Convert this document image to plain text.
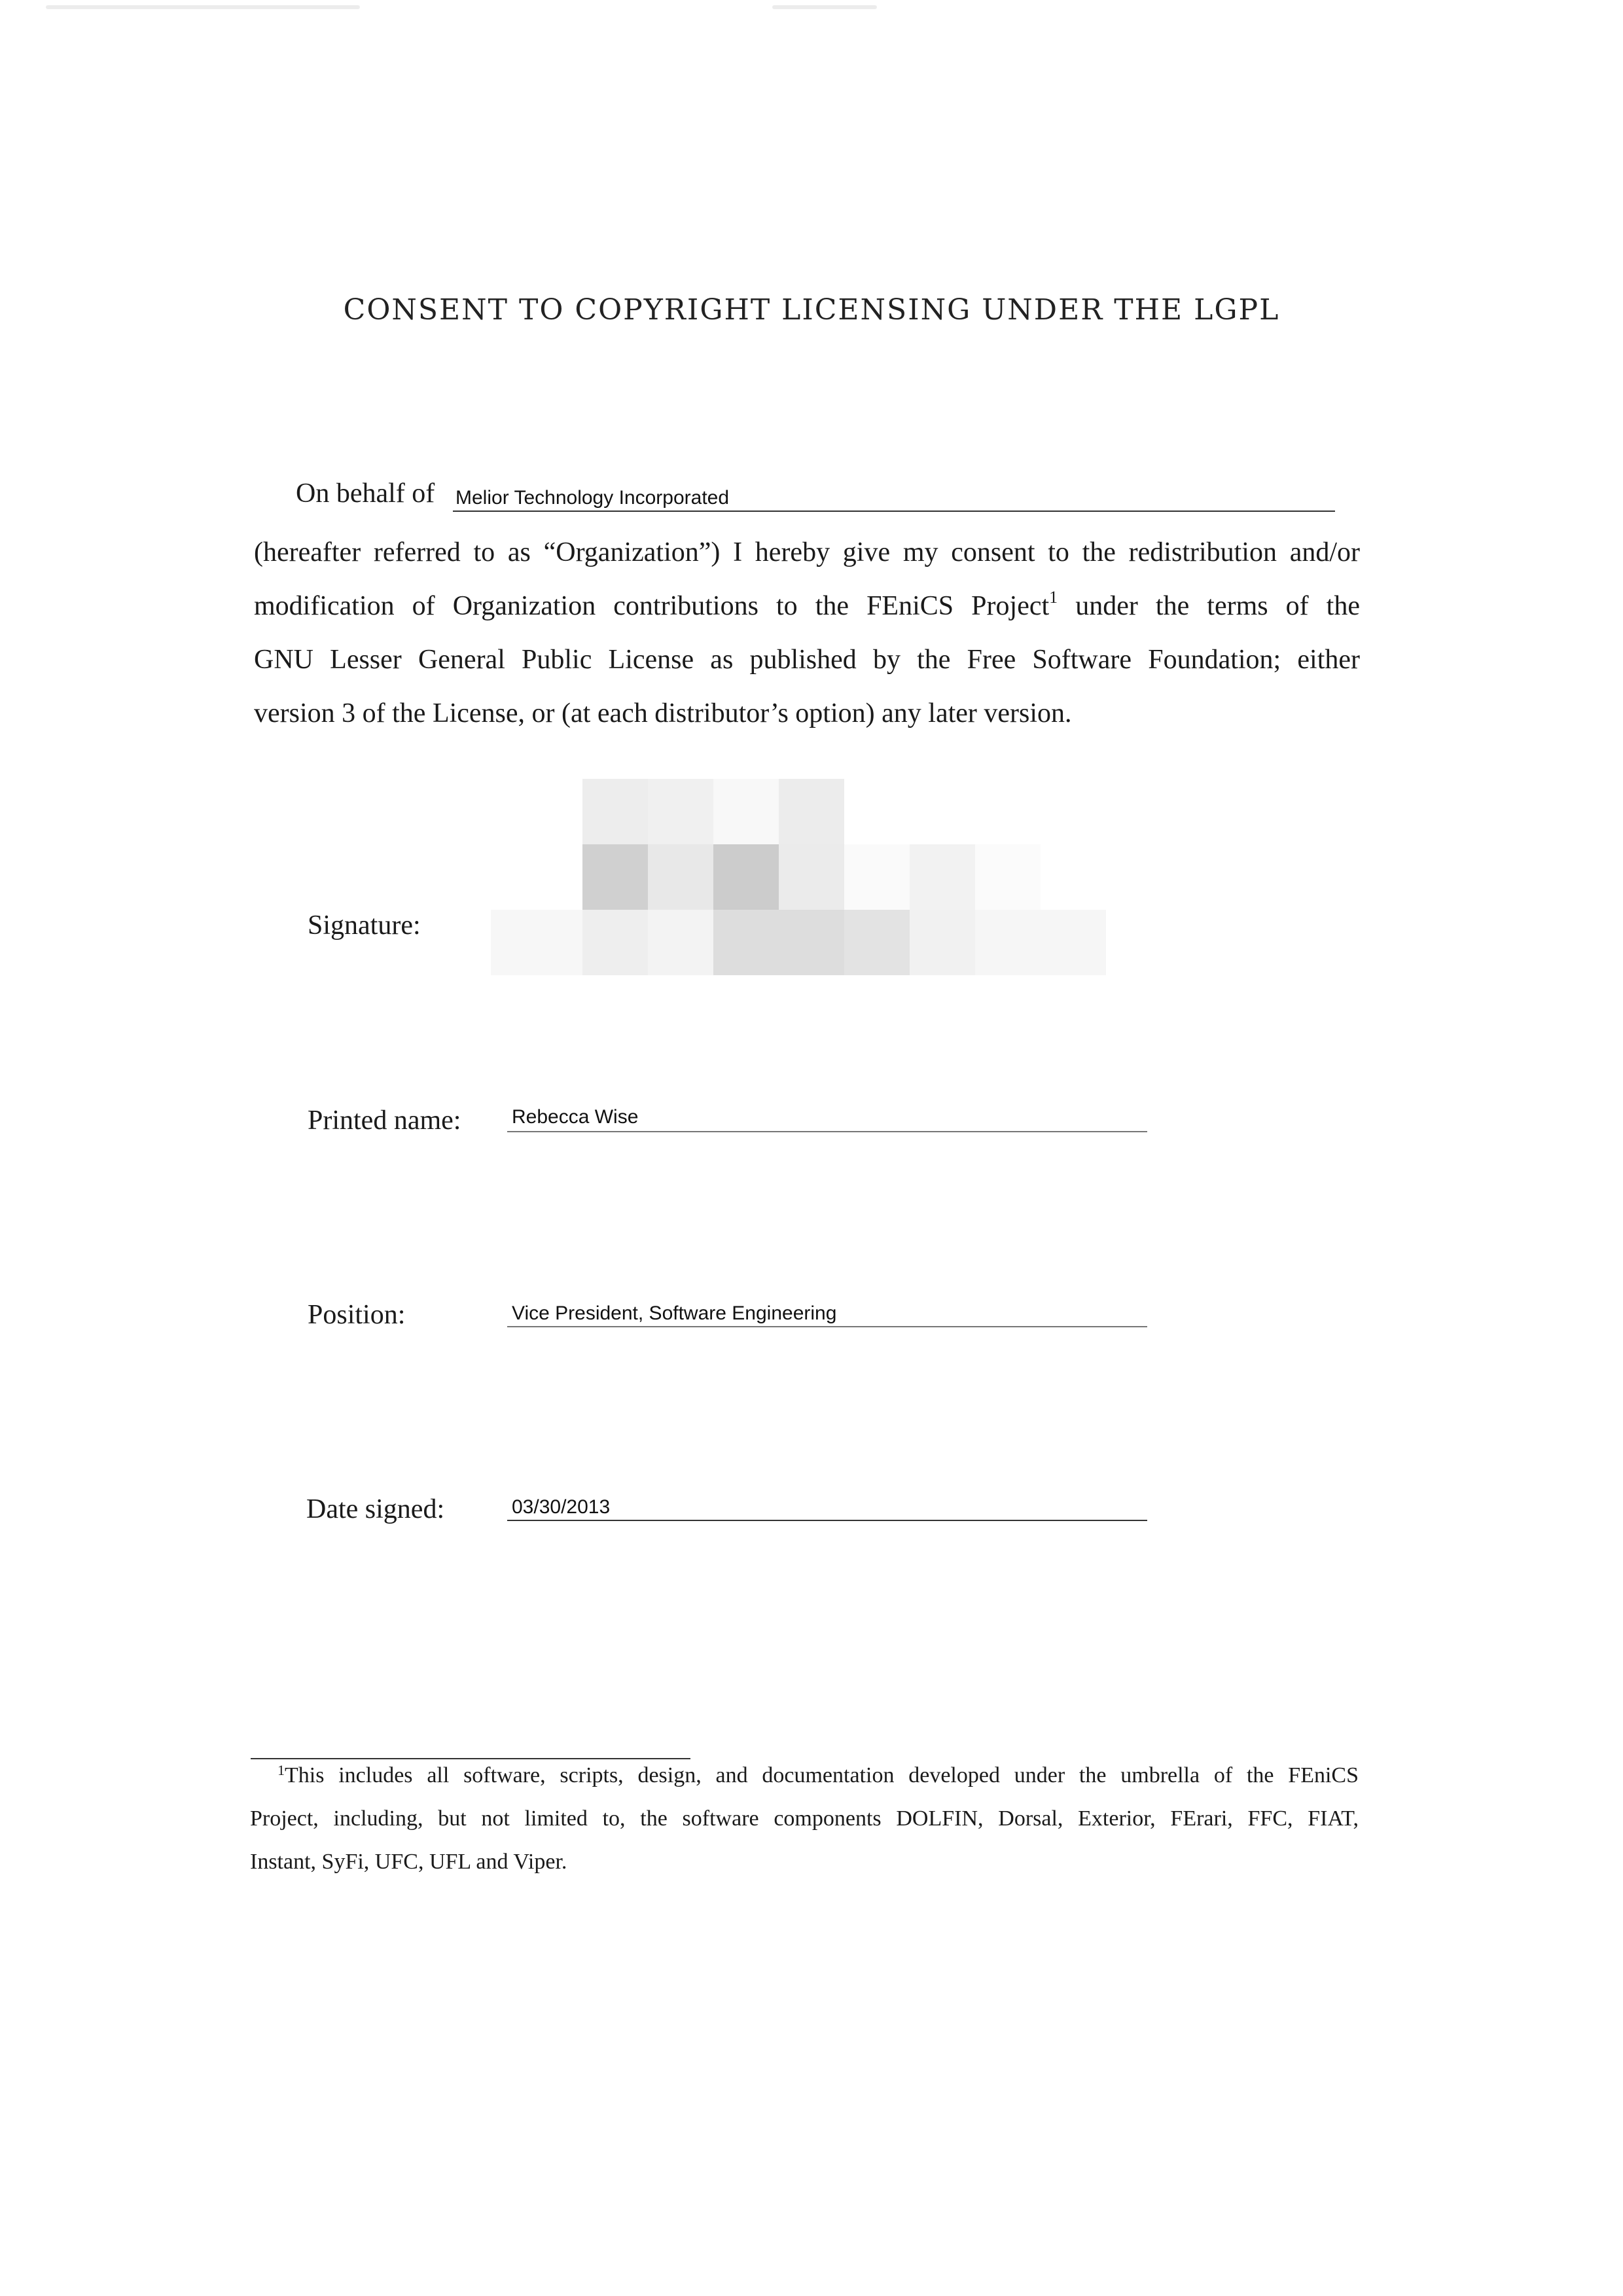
CONSENT TO COPYRIGHT LICENSING UNDER THE LGPL
On behalf of Melior Technology Incorporated
(hereafter referred to as “Organization”) I hereby give my consent to the redistribution and/or
modification of Organization contributions to the FEniCS Project$^1$ under the terms of the
GNU Lesser General Public License as published by the Free Software Foundation; either
version 3 of the License, or (at each distributor’s option) any later version.
Signature:
Printed name:	Rebecca Wise
Position:	Vice President, Software Engineering
Date signed:	03/30/2013
$^1$This includes all software, scripts, design, and documentation developed under the umbrella of the FEniCS
Project, including, but not limited to, the software components DOLFIN, Dorsal, Exterior, FErari, FFC, FIAT,
Instant, SyFi, UFC, UFL and Viper.
